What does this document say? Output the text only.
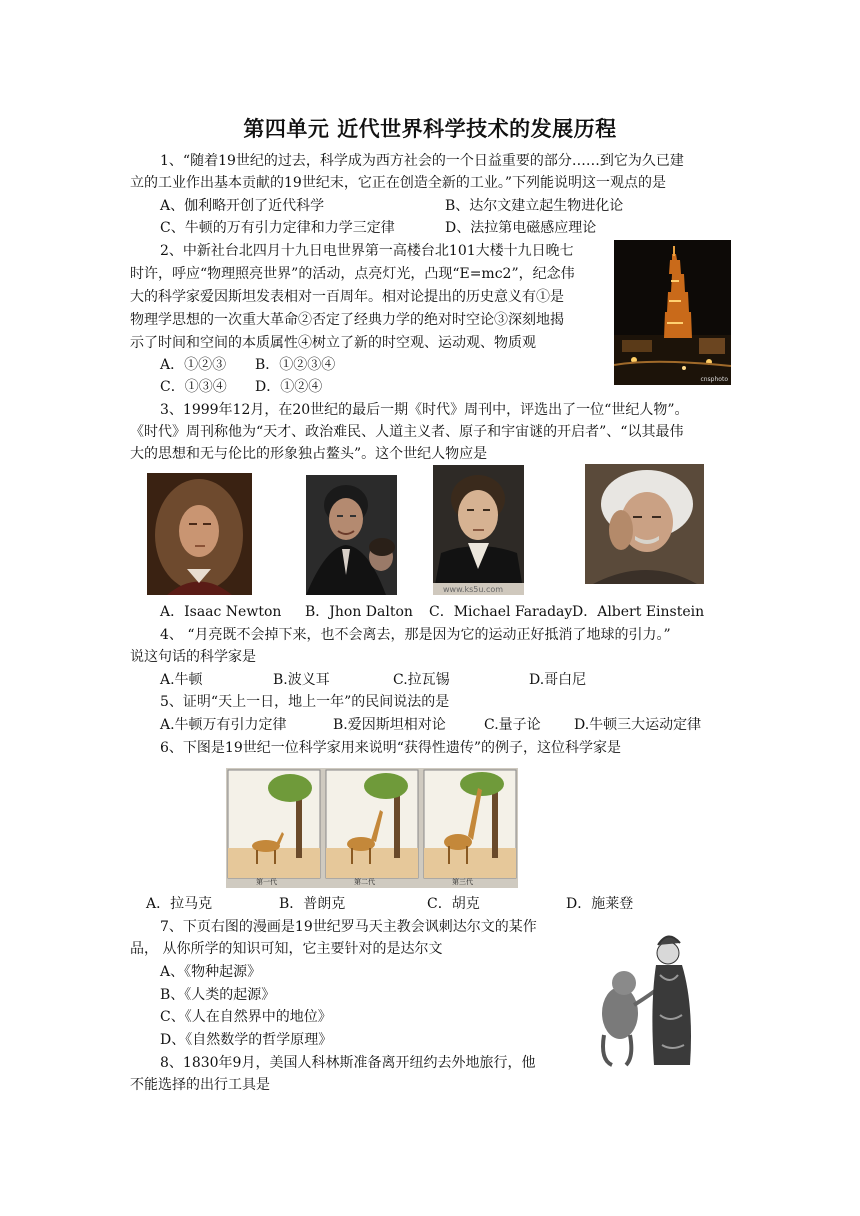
第四单元 近代世界科学技术的发展历程
1、“随着19世纪的过去，科学成为西方社会的一个日益重要的部分……到它为久已建
立的工业作出基本贡献的19世纪末，它正在创造全新的工业。”下列能说明这一观点的是
A、伽利略开创了近代科学	B、达尔文建立起生物进化论
C、牛顿的万有引力定律和力学三定律	D、法拉第电磁感应理论
2、中新社台北四月十九日电世界第一高楼台北101大楼十九日晚七
时许，呼应“物理照亮世界”的活动，点亮灯光，凸现“E=mc2”，纪念伟
大的科学家爱因斯坦发表相对一百周年。相对论提出的历史意义有①是
物理学思想的一次重大革命②否定了经典力学的绝对时空论③深刻地揭
示了时间和空间的本质属性④树立了新的时空观、运动观、物质观
A．①②③ B．①②③④
C．①③④ D．①②④	cnsphoto
3、1999年12月，在20世纪的最后一期《时代》周刊中，评选出了一位“世纪人物”。
《时代》周刊称他为“天才、政治难民、人道主义者、原子和宇宙谜的开启者”、“以其最伟
大的思想和无与伦比的形象独占鳌头”。这个世纪人物应是
www.ks5u.com
A．Isaac Newton B．Jhon Dalton C．Michael Faraday D．Albert Einstein
4、 “月亮既不会掉下来，也不会离去，那是因为它的运动正好抵消了地球的引力。”
说这句话的科学家是
A.牛顿	B.波义耳	C.拉瓦锡	D.哥白尼
5、证明“天上一日，地上一年”的民间说法的是
A.牛顿万有引力定律	B.爱因斯坦相对论	C.量子论 D.牛顿三大运动定律
6、下图是19世纪一位科学家用来说明“获得性遗传”的例子，这位科学家是
第一代	第二代	第三代
A．拉马克	B．普朗克	C．胡克	D．施莱登
7、下页右图的漫画是19世纪罗马天主教会讽刺达尔文的某作
品， 从你所学的知识可知，它主要针对的是达尔文
A、《物种起源》
B、《人类的起源》
C、《人在自然界中的地位》
D、《自然数学的哲学原理》
8、1830年9月，美国人科林斯准备离开纽约去外地旅行，他
不能选择的出行工具是
